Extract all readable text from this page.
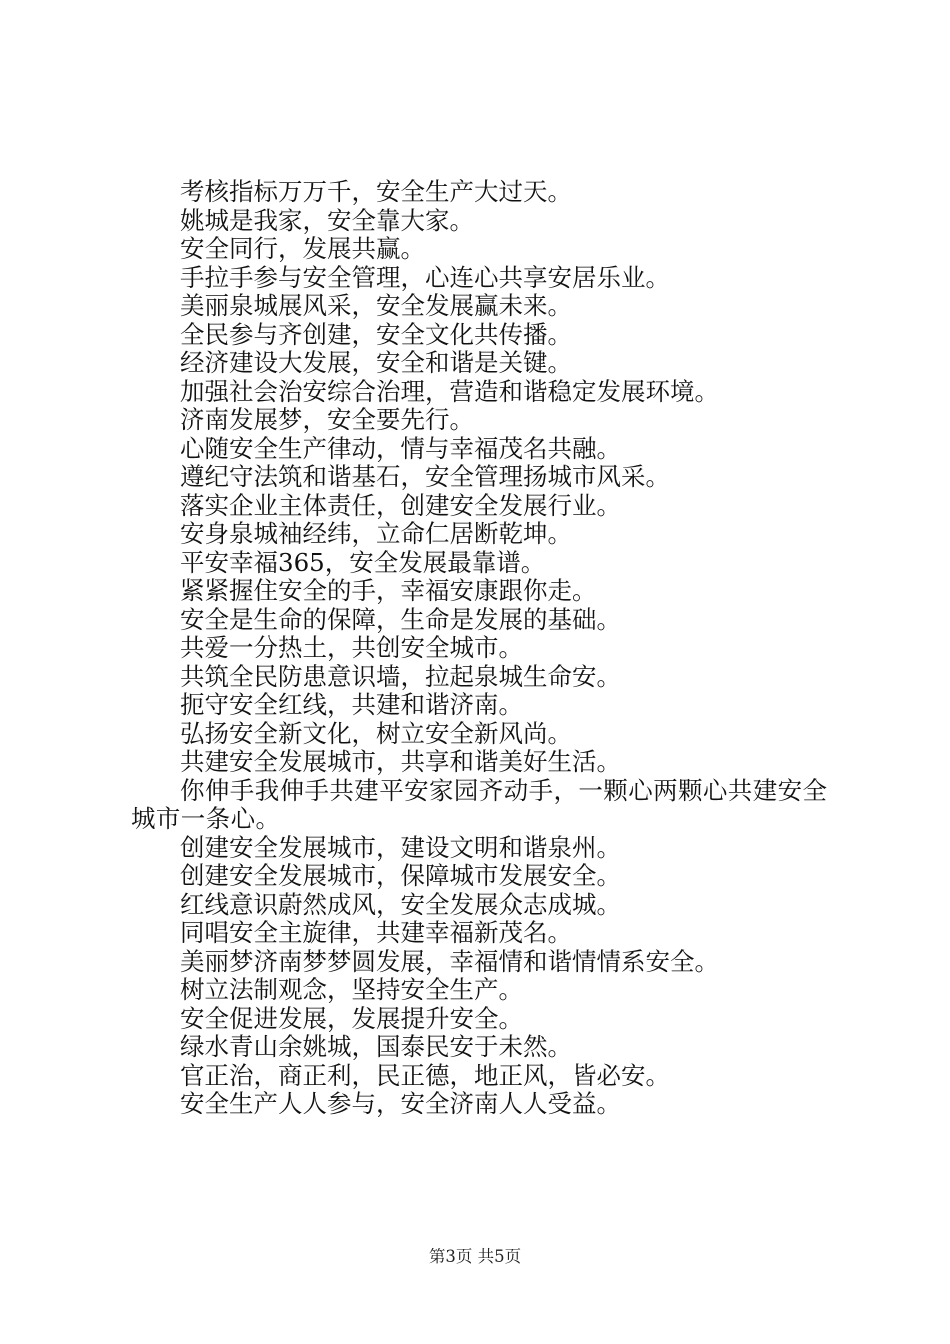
考核指标万万千，安全生产大过天。
姚城是我家，安全靠大家。
安全同行，发展共赢。
手拉手参与安全管理，心连心共享安居乐业。
美丽泉城展风采，安全发展赢未来。
全民参与齐创建，安全文化共传播。
经济建设大发展，安全和谐是关键。
加强社会治安综合治理，营造和谐稳定发展环境。
济南发展梦，安全要先行。
心随安全生产律动，情与幸福茂名共融。
遵纪守法筑和谐基石，安全管理扬城市风采。
落实企业主体责任，创建安全发展行业。
安身泉城袖经纬，立命仁居断乾坤。
平安幸福365，安全发展最靠谱。
紧紧握住安全的手，幸福安康跟你走。
安全是生命的保障，生命是发展的基础。
共爱一分热土，共创安全城市。
共筑全民防患意识墙，拉起泉城生命安。
扼守安全红线，共建和谐济南。
弘扬安全新文化，树立安全新风尚。
共建安全发展城市，共享和谐美好生活。
你伸手我伸手共建平安家园齐动手，一颗心两颗心共建安全城市一条心。
创建安全发展城市，建设文明和谐泉州。
创建安全发展城市，保障城市发展安全。
红线意识蔚然成风，安全发展众志成城。
同唱安全主旋律，共建幸福新茂名。
美丽梦济南梦梦圆发展，幸福情和谐情情系安全。
树立法制观念，坚持安全生产。
安全促进发展，发展提升安全。
绿水青山余姚城，国泰民安于未然。
官正治，商正利，民正德，地正风，皆必安。
安全生产人人参与，安全济南人人受益。
第3页 共5页
